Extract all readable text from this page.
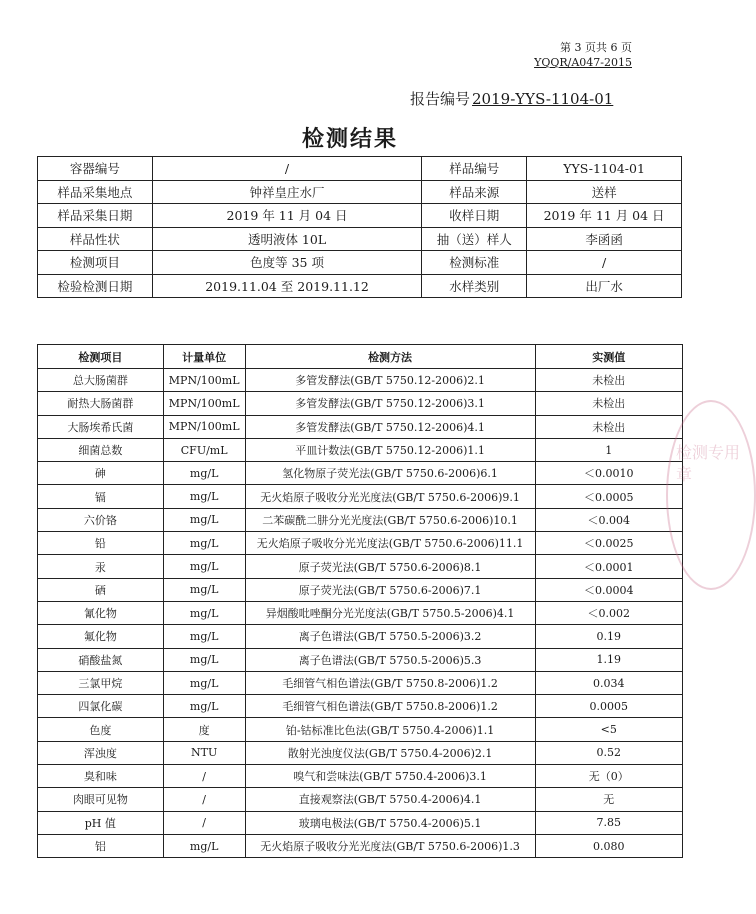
第 3 页共 6 页
YQQR/A047-2015
报告编号 2019-YYS-1104-01
检测结果
容器编号	/	样品编号	YYS-1104-01
样品采集地点	钟祥皇庄水厂	样品来源	送样
样品采集日期	2019 年 11 月 04 日	收样日期	2019 年 11 月 04 日
样品性状	透明液体 10L	抽（送）样人	李函函
检测项目	色度等 35 项	检测标准	/
检验检测日期	2019.11.04 至 2019.11.12	水样类别	出厂水
检测项目	计量单位	检测方法	实测值
总大肠菌群	MPN/100mL	多管发酵法(GB/T 5750.12-2006)2.1	未检出
耐热大肠菌群	MPN/100mL	多管发酵法(GB/T 5750.12-2006)3.1	未检出
大肠埃希氏菌	MPN/100mL	多管发酵法(GB/T 5750.12-2006)4.1	未检出
细菌总数	CFU/mL	平皿计数法(GB/T 5750.12-2006)1.1	1
砷	mg/L	氢化物原子荧光法(GB/T 5750.6-2006)6.1	＜0.0010
镉	mg/L	无火焰原子吸收分光光度法(GB/T 5750.6-2006)9.1	＜0.0005
六价铬	mg/L	二苯碳酰二肼分光光度法(GB/T 5750.6-2006)10.1	＜0.004
铅	mg/L	无火焰原子吸收分光光度法(GB/T 5750.6-2006)11.1	＜0.0025
汞	mg/L	原子荧光法(GB/T 5750.6-2006)8.1	＜0.0001
硒	mg/L	原子荧光法(GB/T 5750.6-2006)7.1	＜0.0004
氰化物	mg/L	异烟酸吡唑酮分光光度法(GB/T 5750.5-2006)4.1	＜0.002
氟化物	mg/L	离子色谱法(GB/T 5750.5-2006)3.2	0.19
硝酸盐氮	mg/L	离子色谱法(GB/T 5750.5-2006)5.3	1.19
三氯甲烷	mg/L	毛细管气相色谱法(GB/T 5750.8-2006)1.2	0.034
四氯化碳	mg/L	毛细管气相色谱法(GB/T 5750.8-2006)1.2	0.0005
色度	度	铂-钴标准比色法(GB/T 5750.4-2006)1.1	<5
浑浊度	NTU	散射光浊度仪法(GB/T 5750.4-2006)2.1	0.52
臭和味	/	嗅气和尝味法(GB/T 5750.4-2006)3.1	无（0）
肉眼可见物	/	直接观察法(GB/T 5750.4-2006)4.1	无
pH 值	/	玻璃电极法(GB/T 5750.4-2006)5.1	7.85
铝	mg/L	无火焰原子吸收分光光度法(GB/T 5750.6-2006)1.3	0.080
检测专用章
